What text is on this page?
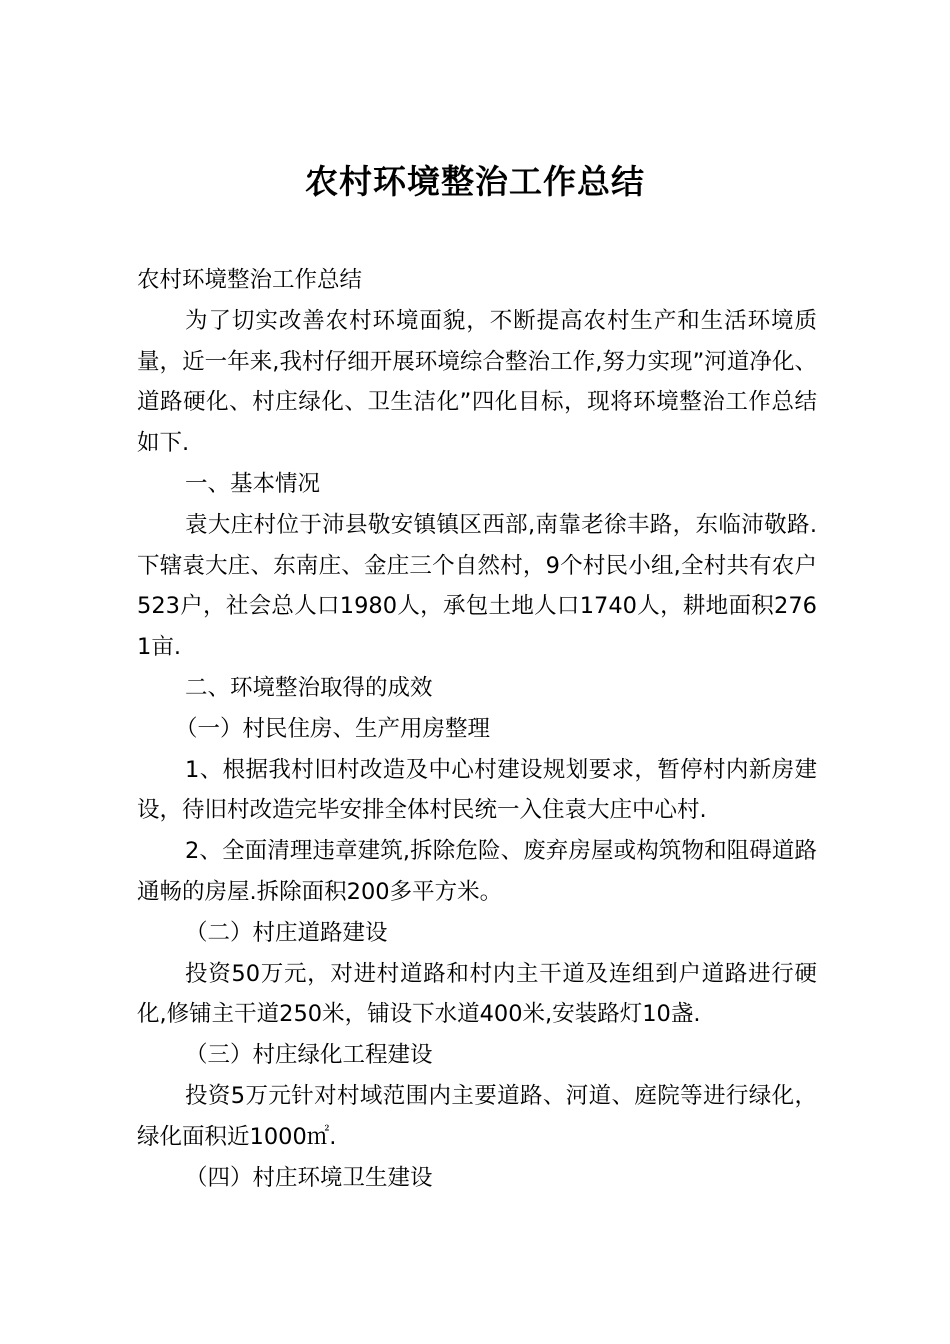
农村环境整治工作总结

农村环境整治工作总结

为了切实改善农村环境面貌，不断提高农村生产和生活环境质量，近一年来,我村仔细开展环境综合整治工作,努力实现”河道净化、道路硬化、村庄绿化、卫生洁化”四化目标，现将环境整治工作总结如下.

一、基本情况

袁大庄村位于沛县敬安镇镇区西部,南靠老徐丰路，东临沛敬路.下辖袁大庄、东南庄、金庄三个自然村，9个村民小组,全村共有农户523户，社会总人口1980人，承包土地人口1740人，耕地面积2761亩.

二、环境整治取得的成效

（一）村民住房、生产用房整理

1、根据我村旧村改造及中心村建设规划要求，暂停村内新房建设，待旧村改造完毕安排全体村民统一入住袁大庄中心村.

2、全面清理违章建筑,拆除危险、废弃房屋或构筑物和阻碍道路通畅的房屋.拆除面积200多平方米。

（二）村庄道路建设

投资50万元，对进村道路和村内主干道及连组到户道路进行硬化,修铺主干道250米，铺设下水道400米,安装路灯10盏.

（三）村庄绿化工程建设

投资5万元针对村域范围内主要道路、河道、庭院等进行绿化，绿化面积近1000㎡.

（四）村庄环境卫生建设
